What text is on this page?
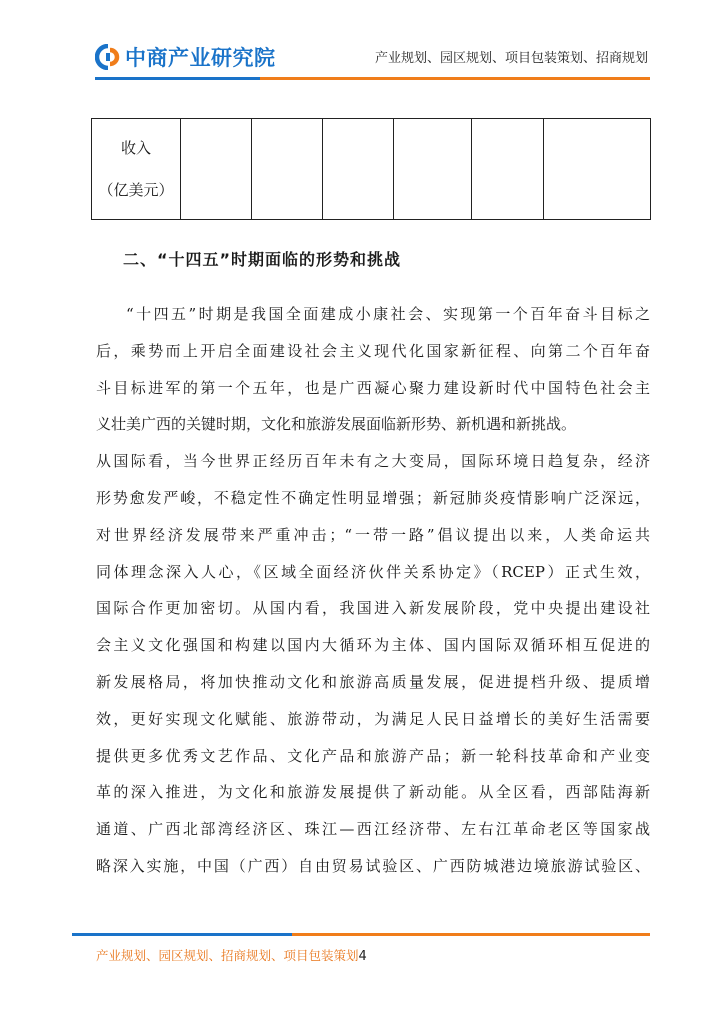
中商产业研究院	产业规划、园区规划、项目包装策划、招商规划
收入
（亿美元）

二、“十四五”时期面临的形势和挑战
“十四五”时期是我国全面建成小康社会、实现第一个百年奋斗目标之
后，乘势而上开启全面建设社会主义现代化国家新征程、向第二个百年奋
斗目标进军的第一个五年，也是广西凝心聚力建设新时代中国特色社会主
义壮美广西的关键时期，文化和旅游发展面临新形势、新机遇和新挑战。
从国际看，当今世界正经历百年未有之大变局，国际环境日趋复杂，经济
形势愈发严峻，不稳定性不确定性明显增强；新冠肺炎疫情影响广泛深远，
对世界经济发展带来严重冲击；“一带一路”倡议提出以来，人类命运共
同体理念深入人心，《区域全面经济伙伴关系协定》（RCEP）正式生效，
国际合作更加密切。从国内看，我国进入新发展阶段，党中央提出建设社
会主义文化强国和构建以国内大循环为主体、国内国际双循环相互促进的
新发展格局，将加快推动文化和旅游高质量发展，促进提档升级、提质增
效，更好实现文化赋能、旅游带动，为满足人民日益增长的美好生活需要
提供更多优秀文艺作品、文化产品和旅游产品；新一轮科技革命和产业变
革的深入推进，为文化和旅游发展提供了新动能。从全区看，西部陆海新
通道、广西北部湾经济区、珠江—西江经济带、左右江革命老区等国家战
略深入实施，中国（广西）自由贸易试验区、广西防城港边境旅游试验区、
产业规划、园区规划、招商规划、项目包装策划4
